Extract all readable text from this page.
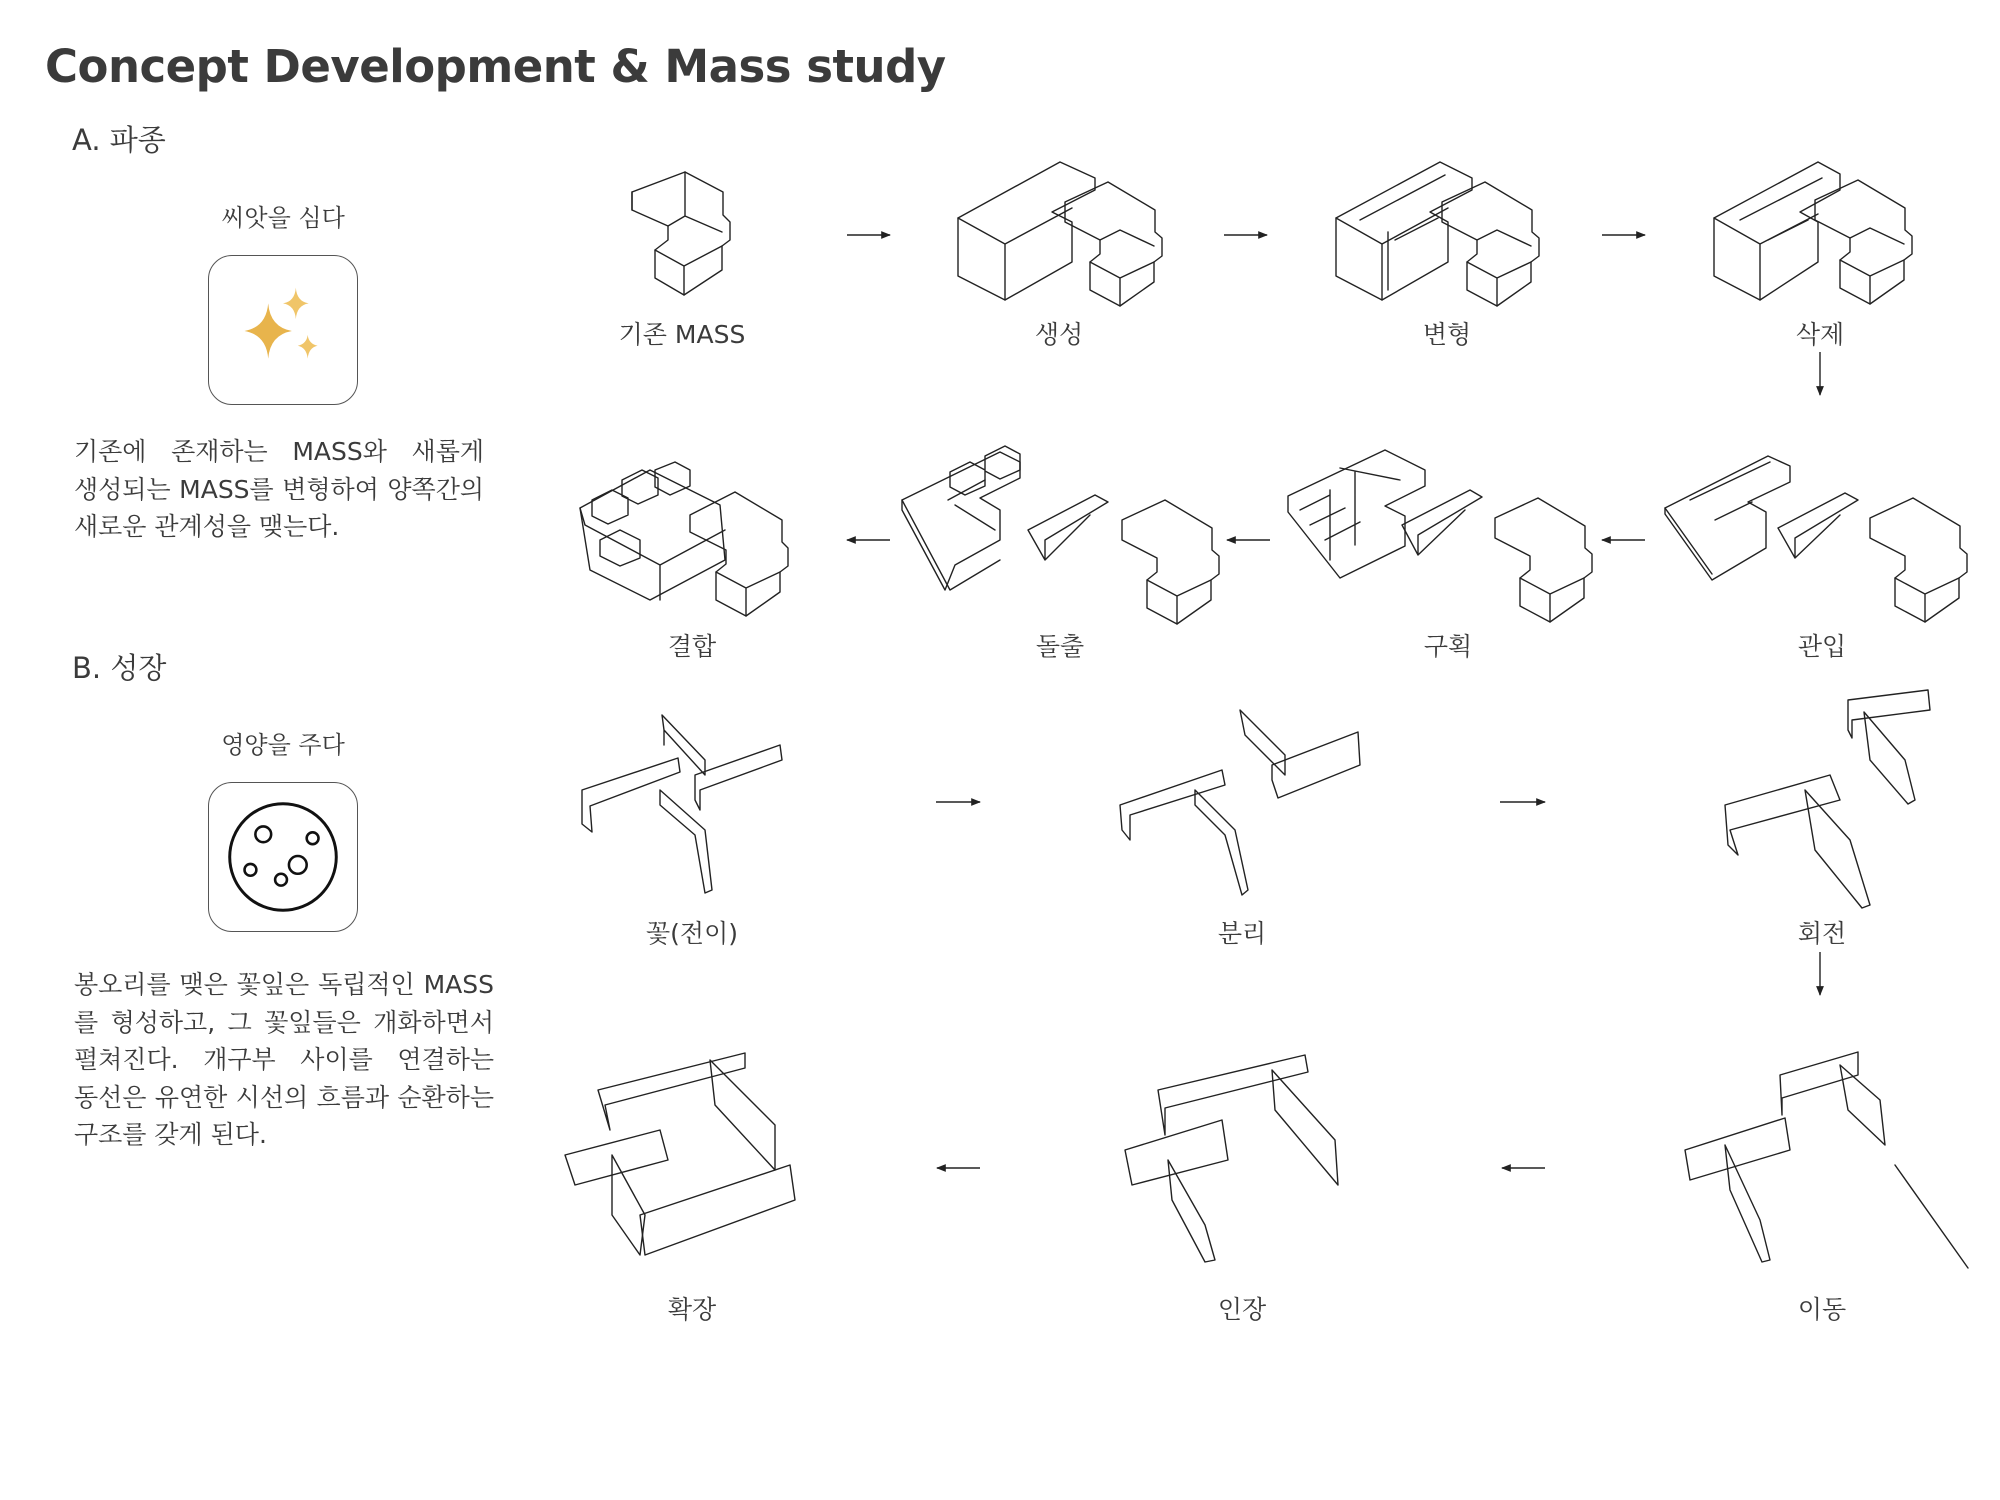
Concept Development & Mass study
A. 파종
씨앗을 심다
기존에 존재하는 MASS와 새롭게
생성되는 MASS를 변형하여 양쪽간의
새로운 관계성을 맺는다.
B. 성장
영양을 주다
봉오리를 맺은 꽃잎은 독립적인 MASS
를 형성하고, 그 꽃잎들은 개화하면서
펼쳐진다. 개구부 사이를 연결하는
동선은 유연한 시선의 흐름과 순환하는
구조를 갖게 된다.
기존 MASS	생성	변형	삭제
결합	돌출	구획	관입
꽃(전이)	분리	회전
확장	인장	이동
